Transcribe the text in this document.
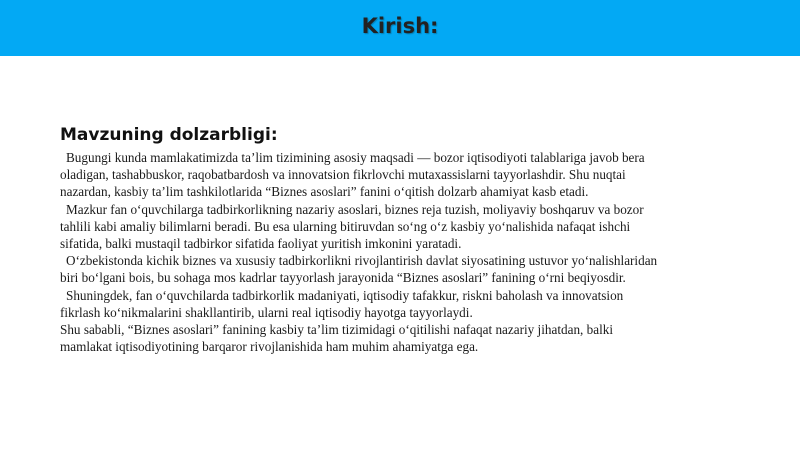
Kirish:
Mavzuning dolzarbligi:

Bugungi kunda mamlakatimizda ta’lim tizimining asosiy maqsadi — bozor iqtisodiyoti talablariga javob bera oladigan, tashabbuskor, raqobatbardosh va innovatsion fikrlovchi mutaxassislarni tayyorlashdir. Shu nuqtai nazardan, kasbiy ta’lim tashkilotlarida “Biznes asoslari” fanini o‘qitish dolzarb ahamiyat kasb etadi.

Mazkur fan o‘quvchilarga tadbirkorlikning nazariy asoslari, biznes reja tuzish, moliyaviy boshqaruv va bozor tahlili kabi amaliy bilimlarni beradi. Bu esa ularning bitiruvdan so‘ng o‘z kasbiy yo‘nalishida nafaqat ishchi sifatida, balki mustaqil tadbirkor sifatida faoliyat yuritish imkonini yaratadi.

O‘zbekistonda kichik biznes va xususiy tadbirkorlikni rivojlantirish davlat siyosatining ustuvor yo‘nalishlaridan biri bo‘lgani bois, bu sohaga mos kadrlar tayyorlash jarayonida “Biznes asoslari” fanining o‘rni beqiyosdir.

Shuningdek, fan o‘quvchilarda tadbirkorlik madaniyati, iqtisodiy tafakkur, riskni baholash va innovatsion fikrlash ko‘nikmalarini shakllantirib, ularni real iqtisodiy hayotga tayyorlaydi.

Shu sababli, “Biznes asoslari” fanining kasbiy ta’lim tizimidagi o‘qitilishi nafaqat nazariy jihatdan, balki mamlakat iqtisodiyotining barqaror rivojlanishida ham muhim ahamiyatga ega.
